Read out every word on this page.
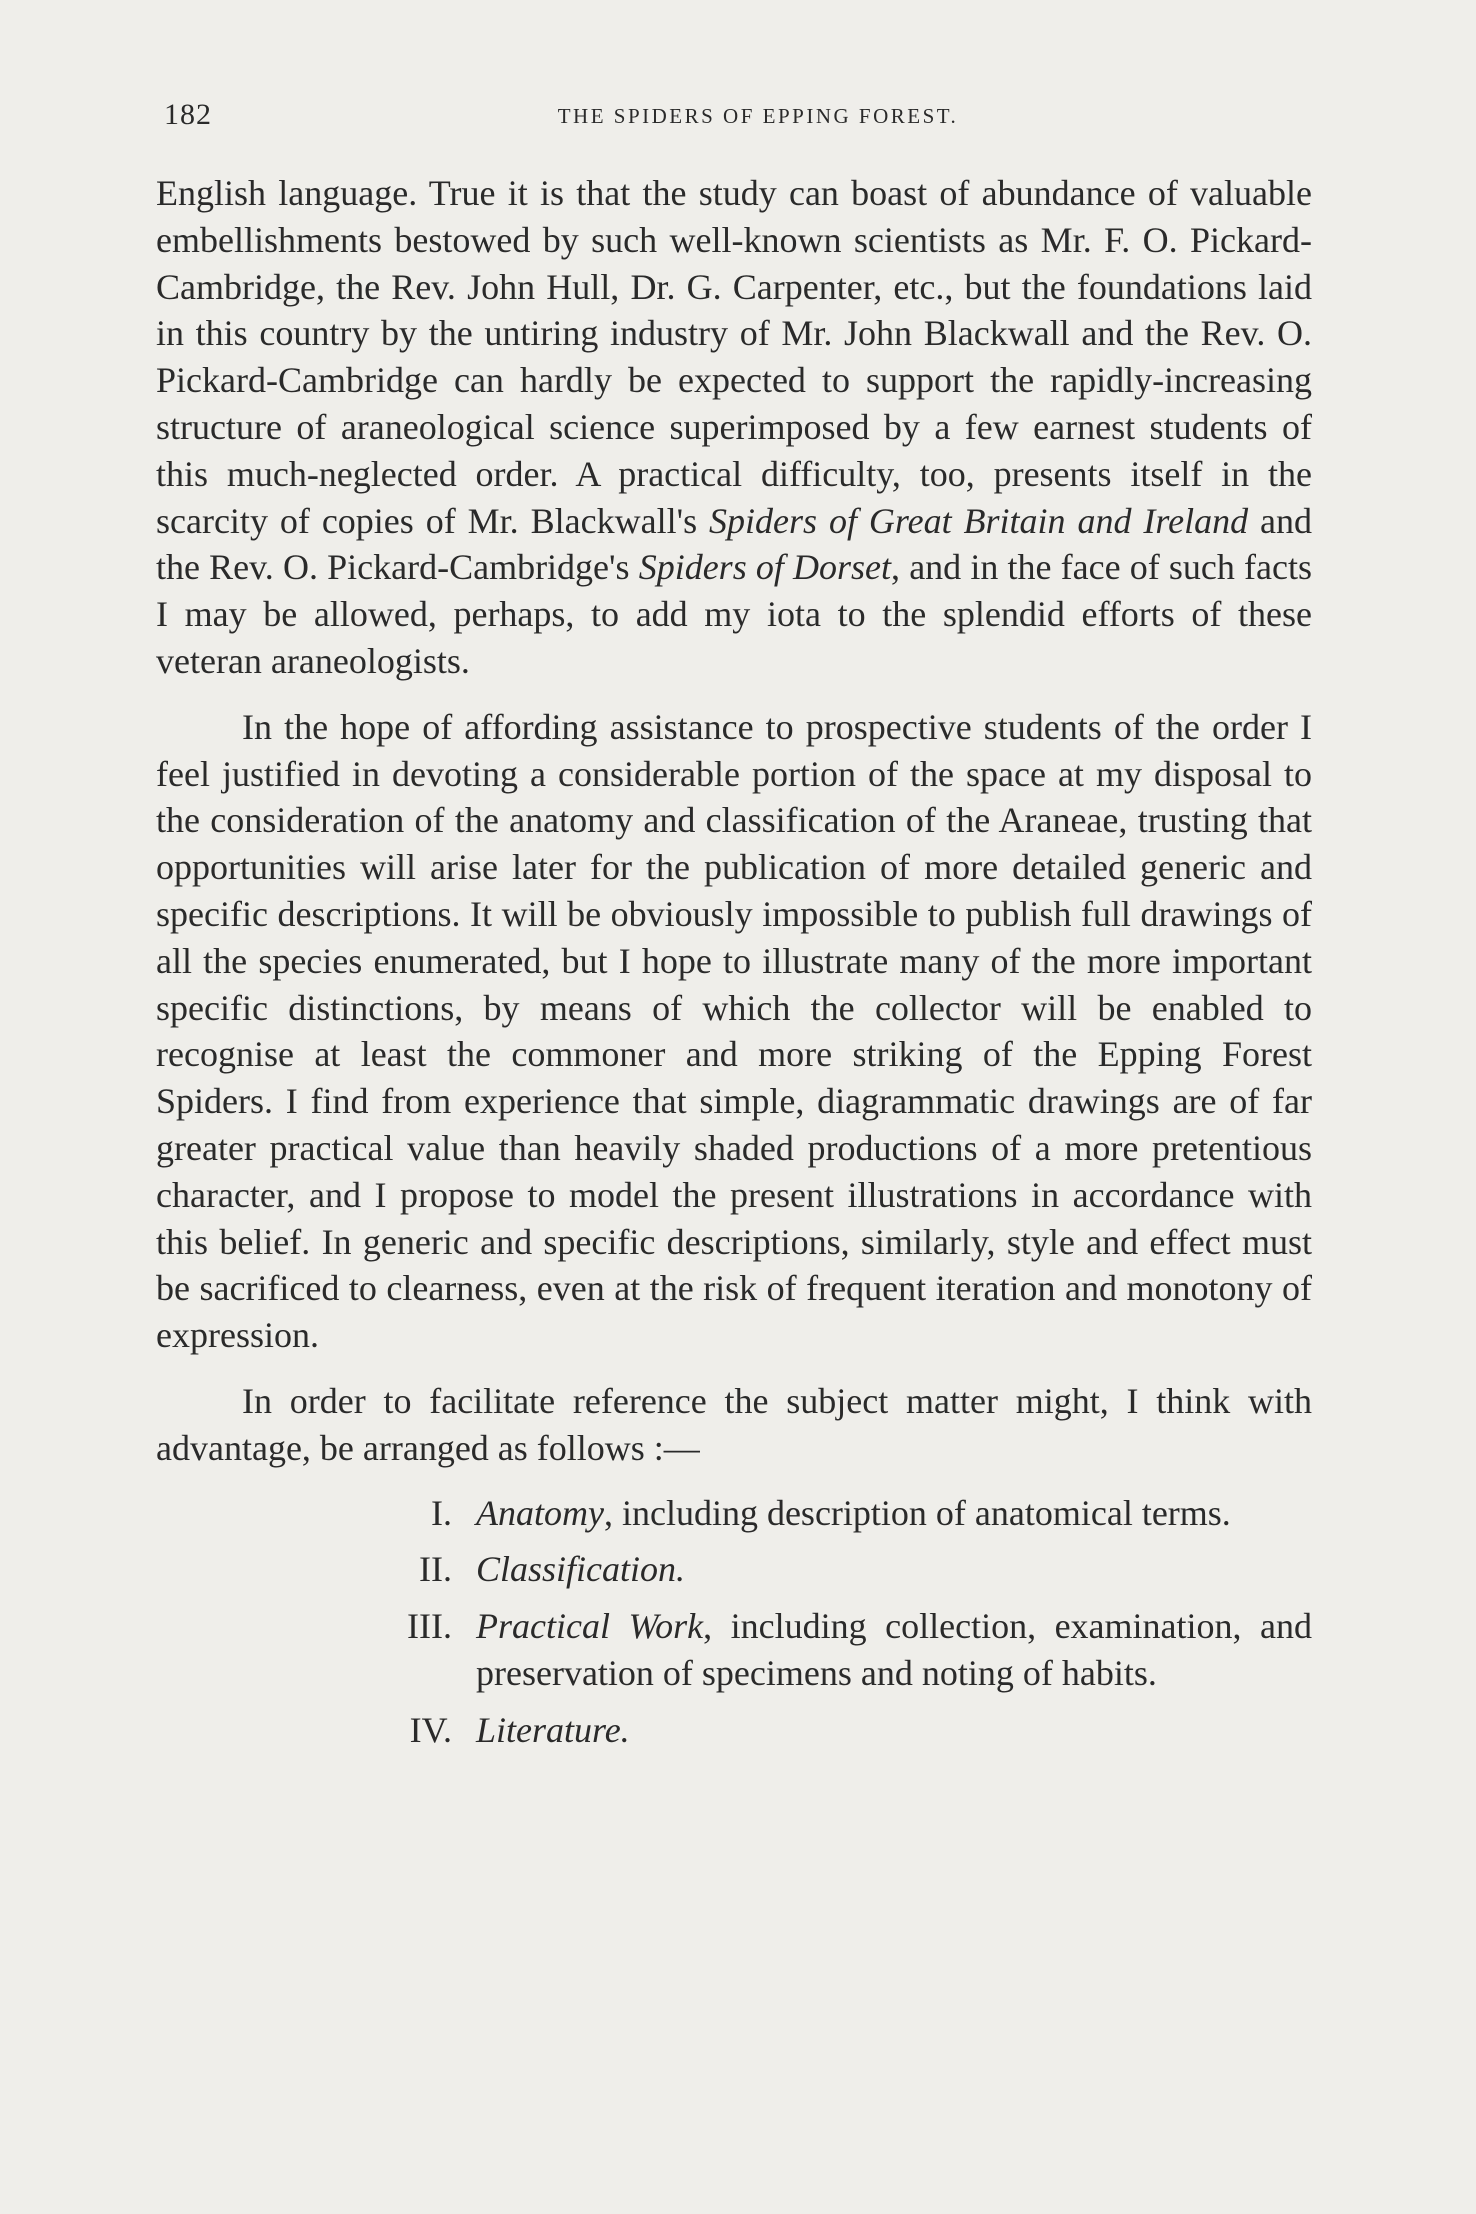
182	THE SPIDERS OF EPPING FOREST.

English language. True it is that the study can boast of abundance of valuable embellishments bestowed by such well-known scientists as Mr. F. O. Pickard-Cambridge, the Rev. John Hull, Dr. G. Carpenter, etc., but the foundations laid in this country by the untiring industry of Mr. John Blackwall and the Rev. O. Pickard-Cambridge can hardly be expected to support the rapidly-increasing structure of araneological science superimposed by a few earnest students of this much-neglected order. A practical difficulty, too, presents itself in the scarcity of copies of Mr. Blackwall's Spiders of Great Britain and Ireland and the Rev. O. Pickard-Cambridge's Spiders of Dorset, and in the face of such facts I may be allowed, perhaps, to add my iota to the splendid efforts of these veteran araneologists.

In the hope of affording assistance to prospective students of the order I feel justified in devoting a considerable portion of the space at my disposal to the consideration of the anatomy and classification of the Araneae, trusting that opportunities will arise later for the publication of more detailed generic and specific descriptions. It will be obviously impossible to publish full drawings of all the species enumerated, but I hope to illustrate many of the more important specific distinctions, by means of which the collector will be enabled to recognise at least the commoner and more striking of the Epping Forest Spiders. I find from experience that simple, diagrammatic drawings are of far greater practical value than heavily shaded productions of a more pretentious character, and I propose to model the present illustrations in accordance with this belief. In generic and specific descriptions, similarly, style and effect must be sacrificed to clearness, even at the risk of frequent iteration and monotony of expression.

In order to facilitate reference the subject matter might, I think with advantage, be arranged as follows :—

I. Anatomy, including description of anatomical terms.
II. Classification.
III. Practical Work, including collection, examination, and preservation of specimens and noting of habits.
IV. Literature.
